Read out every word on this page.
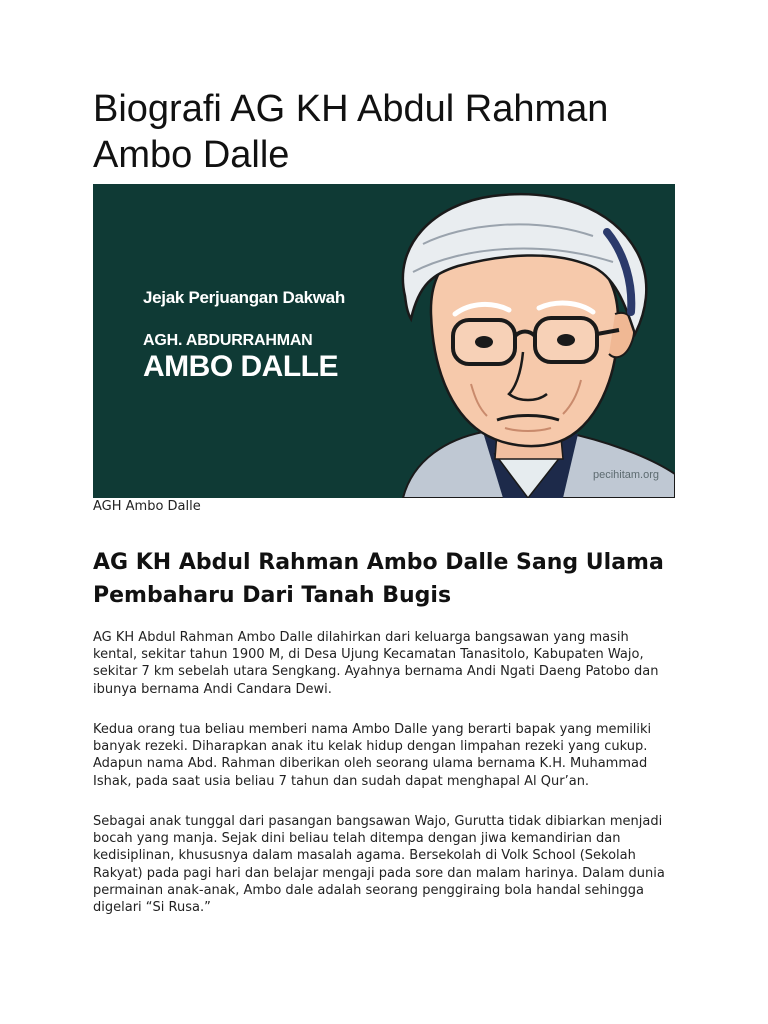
Biografi AG KH Abdul Rahman Ambo Dalle
Jejak Perjuangan Dakwah
AGH. ABDURRAHMAN
AMBO DALLE
pecihitam.org
AGH Ambo Dalle
AG KH Abdul Rahman Ambo Dalle Sang Ulama Pembaharu Dari Tanah Bugis

AG KH Abdul Rahman Ambo Dalle dilahirkan dari keluarga bangsawan yang masih kental, sekitar tahun 1900 M, di Desa Ujung Kecamatan Tanasitolo, Kabupaten Wajo, sekitar 7 km sebelah utara Sengkang. Ayahnya bernama Andi Ngati Daeng Patobo dan ibunya bernama Andi Candara Dewi.

Kedua orang tua beliau memberi nama Ambo Dalle yang berarti bapak yang memiliki banyak rezeki. Diharapkan anak itu kelak hidup dengan limpahan rezeki yang cukup. Adapun nama Abd. Rahman diberikan oleh seorang ulama bernama K.H. Muhammad Ishak, pada saat usia beliau 7 tahun dan sudah dapat menghapal Al Qur’an.

Sebagai anak tunggal dari pasangan bangsawan Wajo, Gurutta tidak dibiarkan menjadi bocah yang manja. Sejak dini beliau telah ditempa dengan jiwa kemandirian dan kedisiplinan, khususnya dalam masalah agama. Bersekolah di Volk School (Sekolah Rakyat) pada pagi hari dan belajar mengaji pada sore dan malam harinya. Dalam dunia permainan anak-anak, Ambo dale adalah seorang penggiraing bola handal sehingga digelari “Si Rusa.”
